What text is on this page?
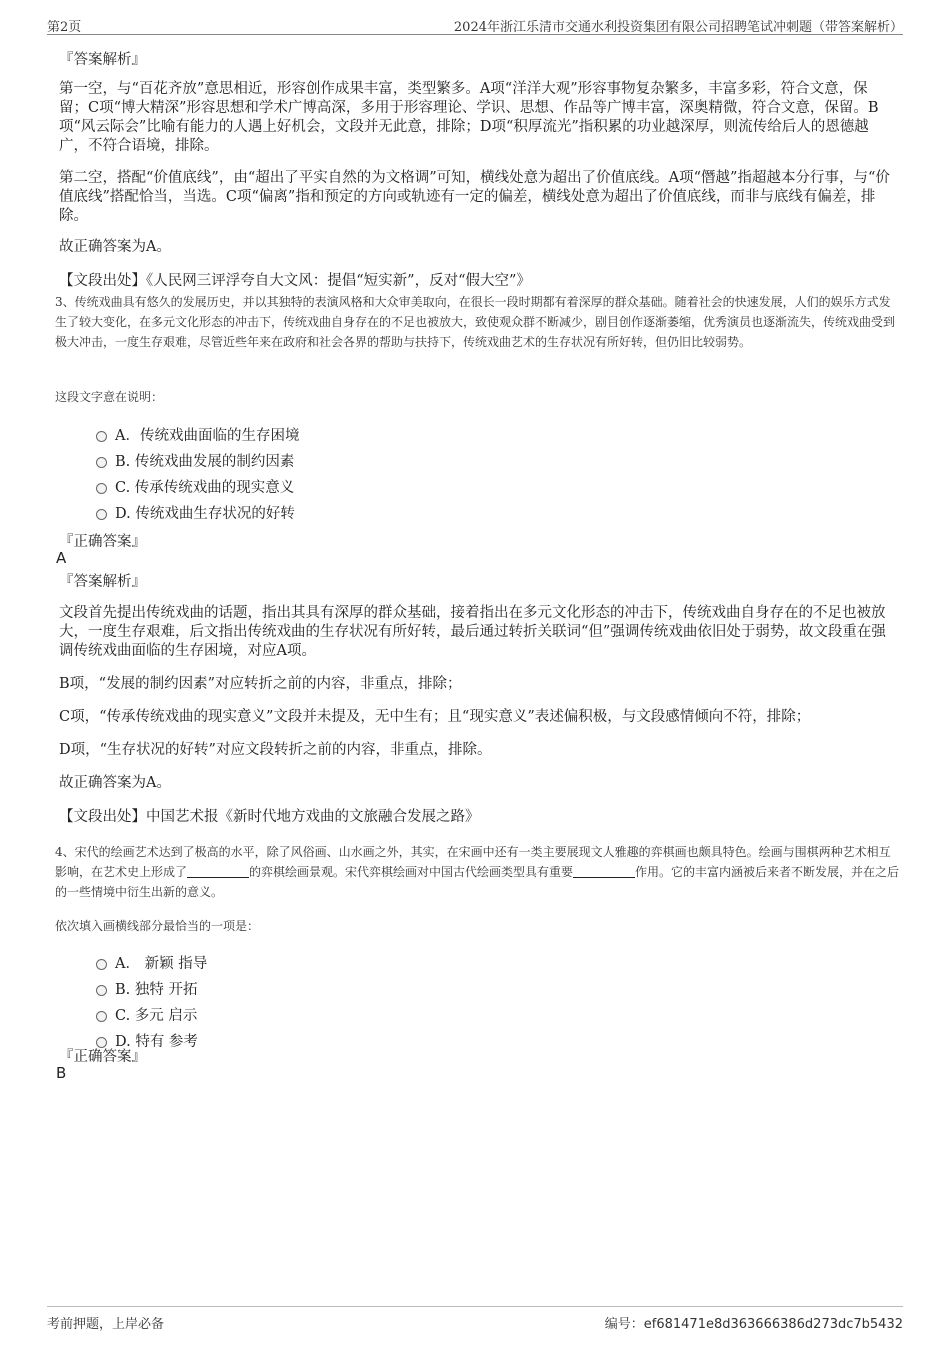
第2页	2024年浙江乐清市交通水利投资集团有限公司招聘笔试冲刺题（带答案解析）
『答案解析』
第一空，与“百花齐放”意思相近，形容创作成果丰富，类型繁多。A项“洋洋大观”形容事物复杂繁多，丰富多彩，符合文意，保留；C项“博大精深”形容思想和学术广博高深，多用于形容理论、学识、思想、作品等广博丰富，深奥精微，符合文意，保留。B项“风云际会”比喻有能力的人遇上好机会，文段并无此意，排除；D项“积厚流光”指积累的功业越深厚，则流传给后人的恩德越广，不符合语境，排除。
第二空，搭配“价值底线”，由“超出了平实自然的为文格调”可知，横线处意为超出了价值底线。A项“僭越”指超越本分行事，与“价值底线”搭配恰当，当选。C项“偏离”指和预定的方向或轨迹有一定的偏差，横线处意为超出了价值底线，而非与底线有偏差，排除。
故正确答案为A。
【文段出处】《人民网三评浮夸自大文风：提倡“短实新”，反对“假大空”》
3、传统戏曲具有悠久的发展历史，并以其独特的表演风格和大众审美取向，在很长一段时期都有着深厚的群众基础。随着社会的快速发展，人们的娱乐方式发生了较大变化，在多元文化形态的冲击下，传统戏曲自身存在的不足也被放大，致使观众群不断减少，剧目创作逐渐萎缩，优秀演员也逐渐流失，传统戏曲受到极大冲击，一度生存艰难，尽管近些年来在政府和社会各界的帮助与扶持下，传统戏曲艺术的生存状况有所好转，但仍旧比较弱势。
这段文字意在说明：
A．传统戏曲面临的生存困境
B. 传统戏曲发展的制约因素
C. 传承传统戏曲的现实意义
D. 传统戏曲生存状况的好转
『正确答案』
A
『答案解析』
文段首先提出传统戏曲的话题，指出其具有深厚的群众基础，接着指出在多元文化形态的冲击下，传统戏曲自身存在的不足也被放大，一度生存艰难，后文指出传统戏曲的生存状况有所好转，最后通过转折关联词“但”强调传统戏曲依旧处于弱势，故文段重在强调传统戏曲面临的生存困境，对应A项。
B项，“发展的制约因素”对应转折之前的内容，非重点，排除；
C项，“传承传统戏曲的现实意义”文段并未提及，无中生有；且“现实意义”表述偏积极，与文段感情倾向不符，排除；
D项，“生存状况的好转”对应文段转折之前的内容，非重点，排除。
故正确答案为A。
【文段出处】中国艺术报《新时代地方戏曲的文旅融合发展之路》
4、宋代的绘画艺术达到了极高的水平，除了风俗画、山水画之外，其实，在宋画中还有一类主要展现文人雅趣的弈棋画也颇具特色。绘画与围棋两种艺术相互影响，在艺术史上形成了	的弈棋绘画景观。宋代弈棋绘画对中国古代绘画类型具有重要	作用。它的丰富内涵被后来者不断发展，并在之后的一些情境中衍生出新的意义。
依次填入画横线部分最恰当的一项是：
A． 新颖 指导
B. 独特 开拓
C. 多元 启示
D. 特有 参考
『正确答案』
B
考前押题，上岸必备	编号：ef681471e8d363666386d273dc7b5432
